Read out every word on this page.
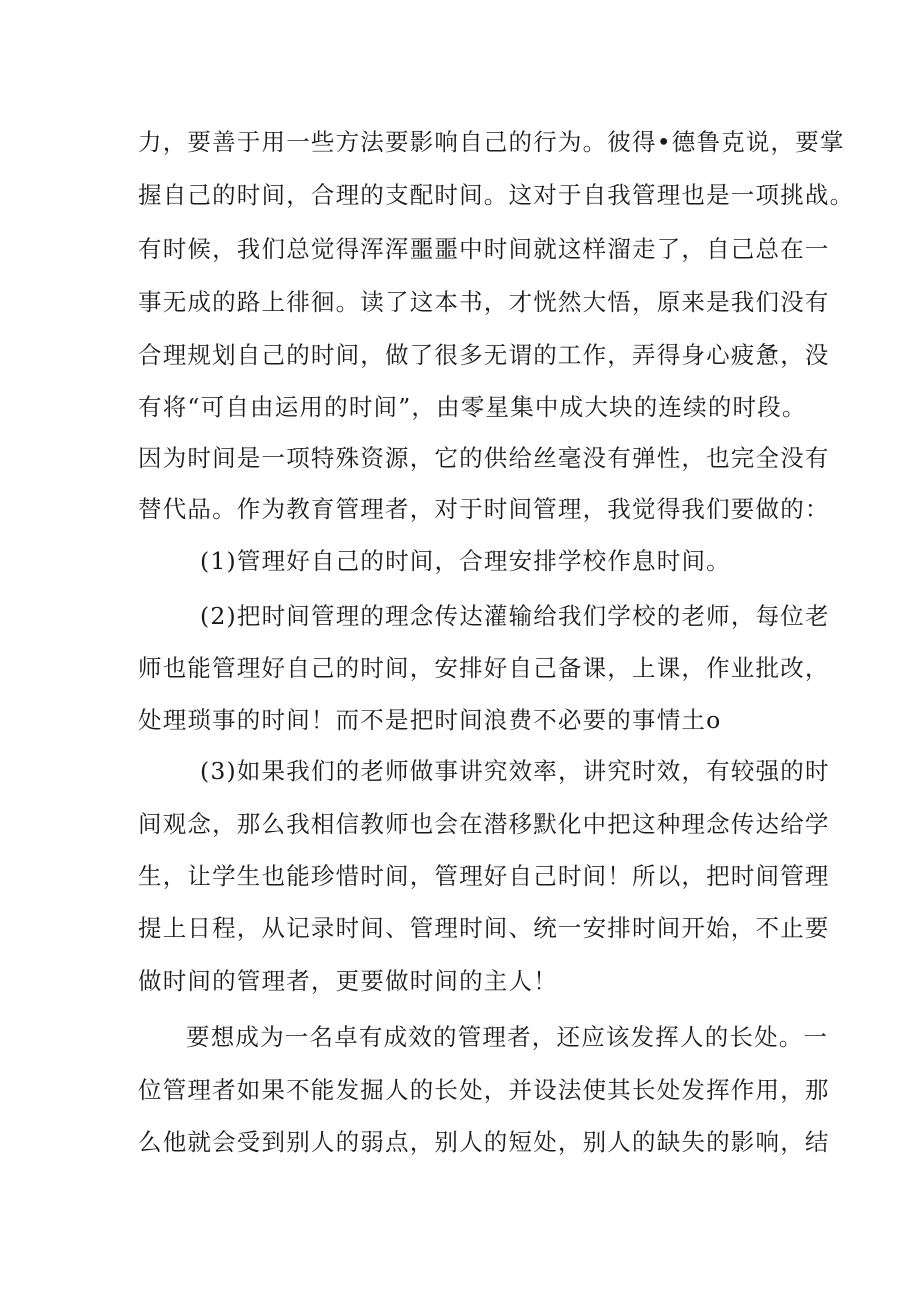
力，要善于用一些方法要影响自己的行为。彼得•德鲁克说，要掌
握自己的时间，合理的支配时间。这对于自我管理也是一项挑战。
有时候，我们总觉得浑浑噩噩中时间就这样溜走了，自己总在一
事无成的路上徘徊。读了这本书，才恍然大悟，原来是我们没有
合理规划自己的时间，做了很多无谓的工作，弄得身心疲惫，没
有将“可自由运用的时间”，由零星集中成大块的连续的时段。
因为时间是一项特殊资源，它的供给丝毫没有弹性，也完全没有
替代品。作为教育管理者，对于时间管理，我觉得我们要做的：
(1)管理好自己的时间，合理安排学校作息时间。
(2)把时间管理的理念传达灌输给我们学校的老师，每位老
师也能管理好自己的时间，安排好自己备课，上课，作业批改，
处理琐事的时间！而不是把时间浪费不必要的事情土o
(3)如果我们的老师做事讲究效率，讲究时效，有较强的时
间观念，那么我相信教师也会在潜移默化中把这种理念传达给学
生，让学生也能珍惜时间，管理好自己时间！所以，把时间管理
提上日程，从记录时间、管理时间、统一安排时间开始，不止要
做时间的管理者，更要做时间的主人！
要想成为一名卓有成效的管理者，还应该发挥人的长处。一
位管理者如果不能发掘人的长处，并设法使其长处发挥作用，那
么他就会受到别人的弱点，别人的短处，别人的缺失的影响，结
